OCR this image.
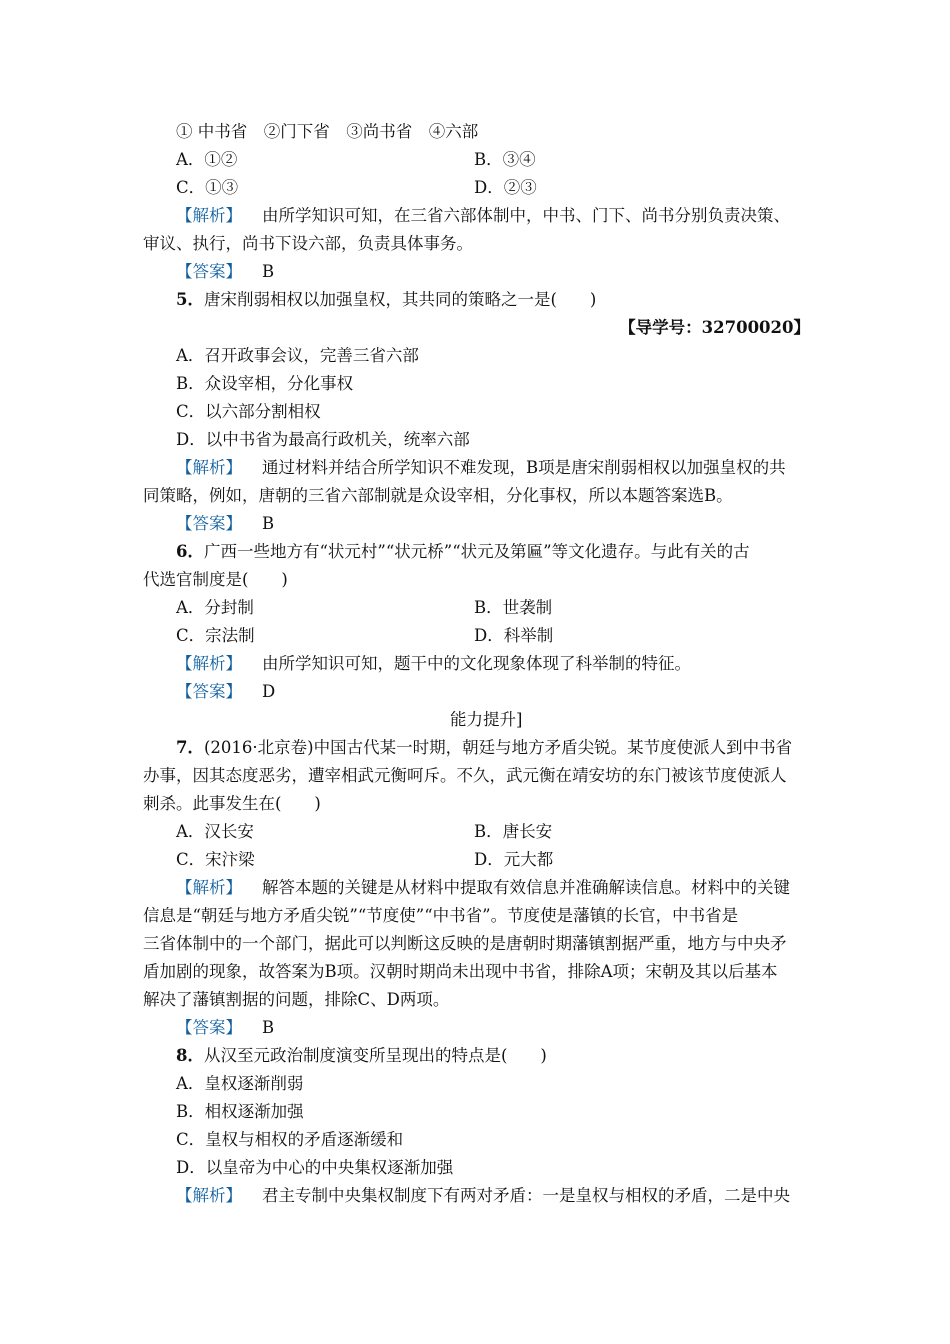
① 中书省　②门下省　③尚书省　④六部
A．①②	B．③④
C．①③	D．②③
【解析】 由所学知识可知，在三省六部体制中，中书、门下、尚书分别负责决策、
审议、执行，尚书下设六部，负责具体事务。
【答案】 B
5．唐宋削弱相权以加强皇权，其共同的策略之一是(　　)
【导学号：32700020】
A．召开政事会议，完善三省六部
B．众设宰相，分化事权
C．以六部分割相权
D．以中书省为最高行政机关，统率六部
【解析】 通过材料并结合所学知识不难发现，B项是唐宋削弱相权以加强皇权的共
同策略，例如，唐朝的三省六部制就是众设宰相，分化事权，所以本题答案选B。
【答案】 B
6．广西一些地方有“状元村”“状元桥”“状元及第匾”等文化遗存。与此有关的古
代选官制度是(　　)
A．分封制	B．世袭制
C．宗法制	D．科举制
【解析】 由所学知识可知，题干中的文化现象体现了科举制的特征。
【答案】 D
能力提升]
7．(2016·北京卷)中国古代某一时期，朝廷与地方矛盾尖锐。某节度使派人到中书省
办事，因其态度恶劣，遭宰相武元衡呵斥。不久，武元衡在靖安坊的东门被该节度使派人
刺杀。此事发生在(　　)
A．汉长安	B．唐长安
C．宋汴梁	D．元大都
【解析】 解答本题的关键是从材料中提取有效信息并准确解读信息。材料中的关键
信息是“朝廷与地方矛盾尖锐”“节度使”“中书省”。节度使是藩镇的长官，中书省是
三省体制中的一个部门，据此可以判断这反映的是唐朝时期藩镇割据严重，地方与中央矛
盾加剧的现象，故答案为B项。汉朝时期尚未出现中书省，排除A项；宋朝及其以后基本
解决了藩镇割据的问题，排除C、D两项。
【答案】 B
8．从汉至元政治制度演变所呈现出的特点是(　　)
A．皇权逐渐削弱
B．相权逐渐加强
C．皇权与相权的矛盾逐渐缓和
D．以皇帝为中心的中央集权逐渐加强
【解析】 君主专制中央集权制度下有两对矛盾：一是皇权与相权的矛盾，二是中央
